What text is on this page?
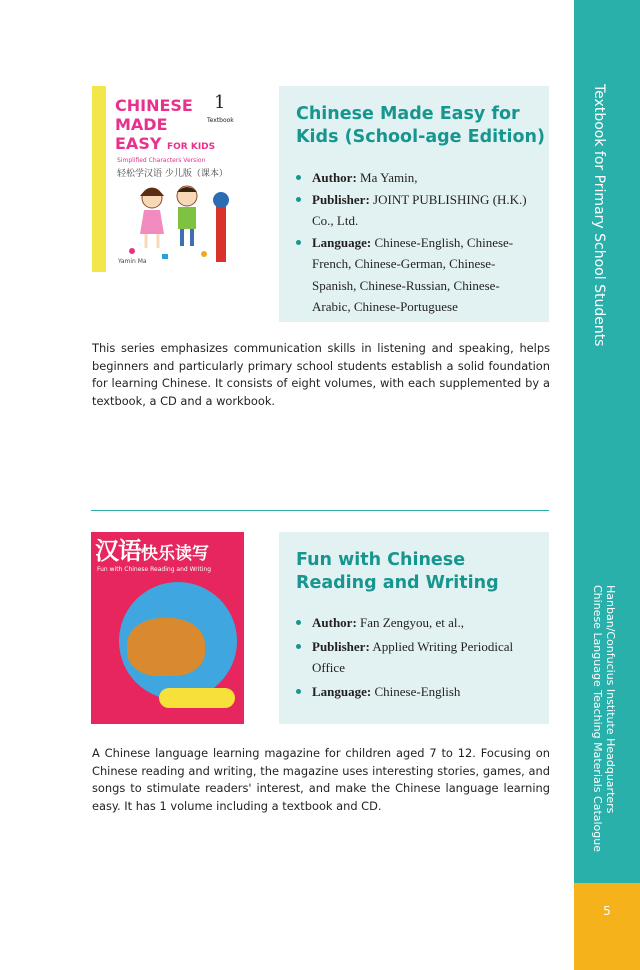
Textbook for Primary School Students
Hanban/Confucius Institute Headquarters
Chinese Language Teaching Materials Catalogue
5
CHINESE
MADE
EASY FOR KIDS
1
Textbook
Simplified Characters Version
轻松学汉语 少儿版（课本）
Yamin Ma
Chinese Made Easy for Kids (School-age Edition)
Author: Ma Yamin,
Publisher: JOINT PUBLISHING (H.K.) Co., Ltd.
Language: Chinese-English, Chinese-French, Chinese-German, Chinese-Spanish, Chinese-Russian, Chinese-Arabic, Chinese-Portuguese

This series emphasizes communication skills in listening and speaking, helps beginners and particularly primary school students establish a solid foundation for learning Chinese. It consists of eight volumes, with each supplemented by a textbook, a CD and a workbook.

汉语快乐读写
Fun with Chinese Reading and Writing	Fun with Chinese Reading and Writing
Author: Fan Zengyou, et al.,
Publisher: Applied Writing Periodical Office
Language: Chinese-English

A Chinese language learning magazine for children aged 7 to 12. Focusing on Chinese reading and writing, the magazine uses interesting stories, games, and songs to stimulate readers' interest, and make the Chinese language learning easy. It has 1 volume including a textbook and CD.
